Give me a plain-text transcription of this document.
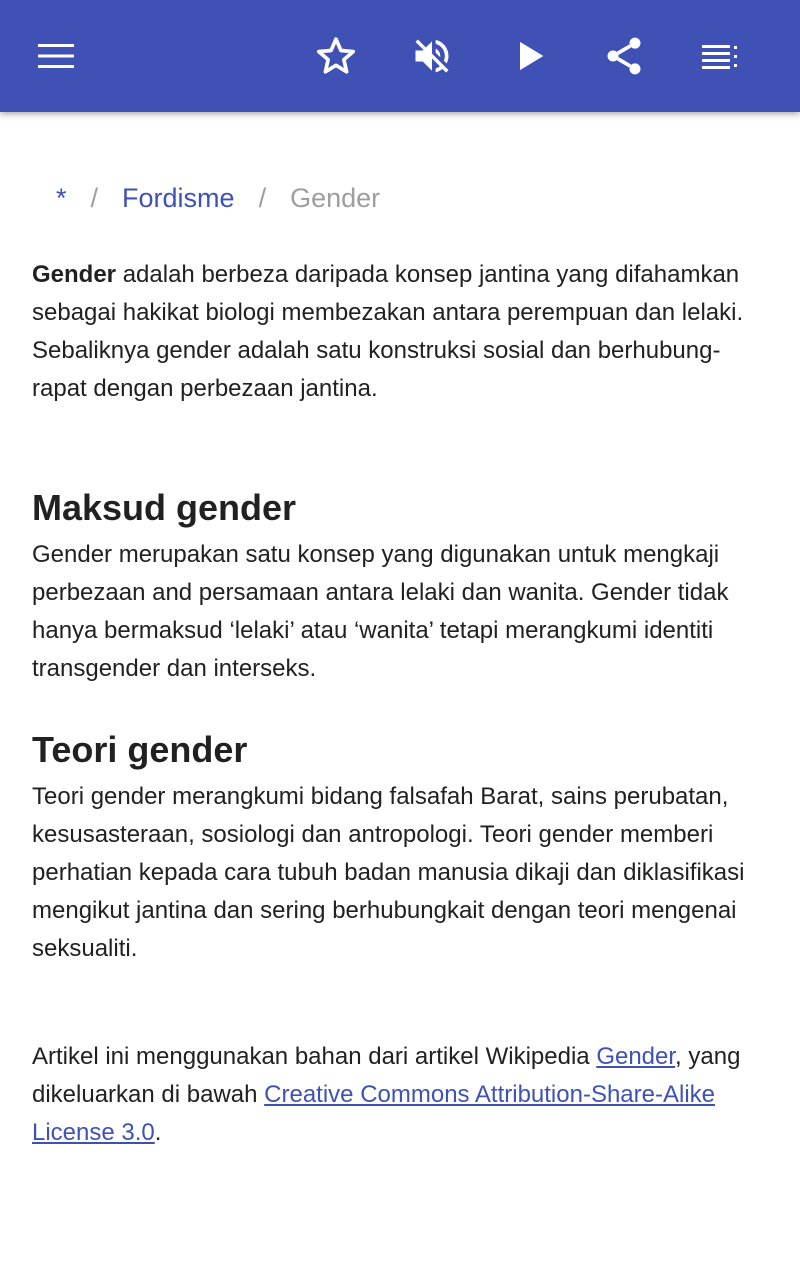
* / Fordisme / Gender

Gender adalah berbeza daripada konsep jantina yang difahamkan sebagai hakikat biologi membezakan antara perempuan dan lelaki. Sebaliknya gender adalah satu konstruksi sosial dan berhubung-rapat dengan perbezaan jantina.

Maksud gender

Gender merupakan satu konsep yang digunakan untuk mengkaji perbezaan and persamaan antara lelaki dan wanita. Gender tidak hanya bermaksud ‘lelaki’ atau ‘wanita’ tetapi merangkumi identiti transgender dan interseks.

Teori gender

Teori gender merangkumi bidang falsafah Barat, sains perubatan, kesusasteraan, sosiologi dan antropologi. Teori gender memberi perhatian kepada cara tubuh badan manusia dikaji dan diklasifikasi mengikut jantina dan sering berhubungkait dengan teori mengenai seksualiti.

Artikel ini menggunakan bahan dari artikel Wikipedia Gender, yang dikeluarkan di bawah Creative Commons Attribution-Share-Alike License 3.0.
